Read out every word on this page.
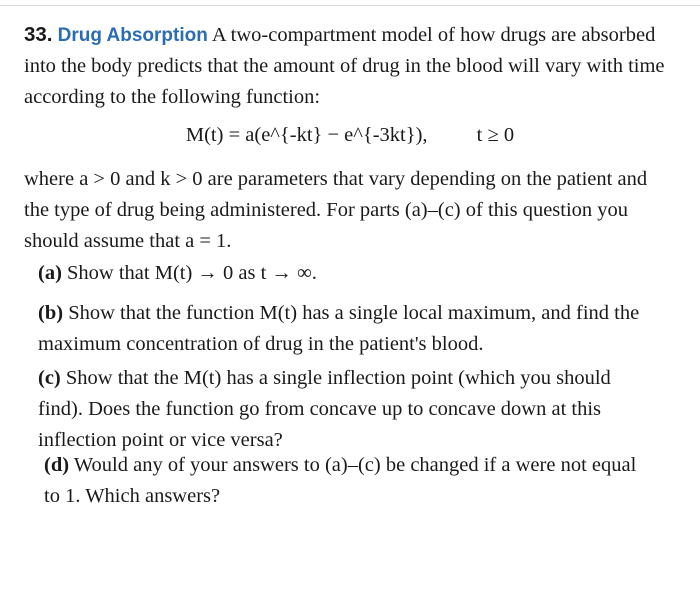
33. Drug Absorption A two-compartment model of how drugs are absorbed into the body predicts that the amount of drug in the blood will vary with time according to the following function:
M(t) = a(e^{-kt} − e^{-3kt}), t ≥ 0
where a > 0 and k > 0 are parameters that vary depending on the patient and the type of drug being administered. For parts (a)–(c) of this question you should assume that a = 1.
(a) Show that M(t) → 0 as t → ∞.
(b) Show that the function M(t) has a single local maximum, and find the maximum concentration of drug in the patient's blood.
(c) Show that the M(t) has a single inflection point (which you should find). Does the function go from concave up to concave down at this inflection point or vice versa?
(d) Would any of your answers to (a)–(c) be changed if a were not equal to 1. Which answers?
